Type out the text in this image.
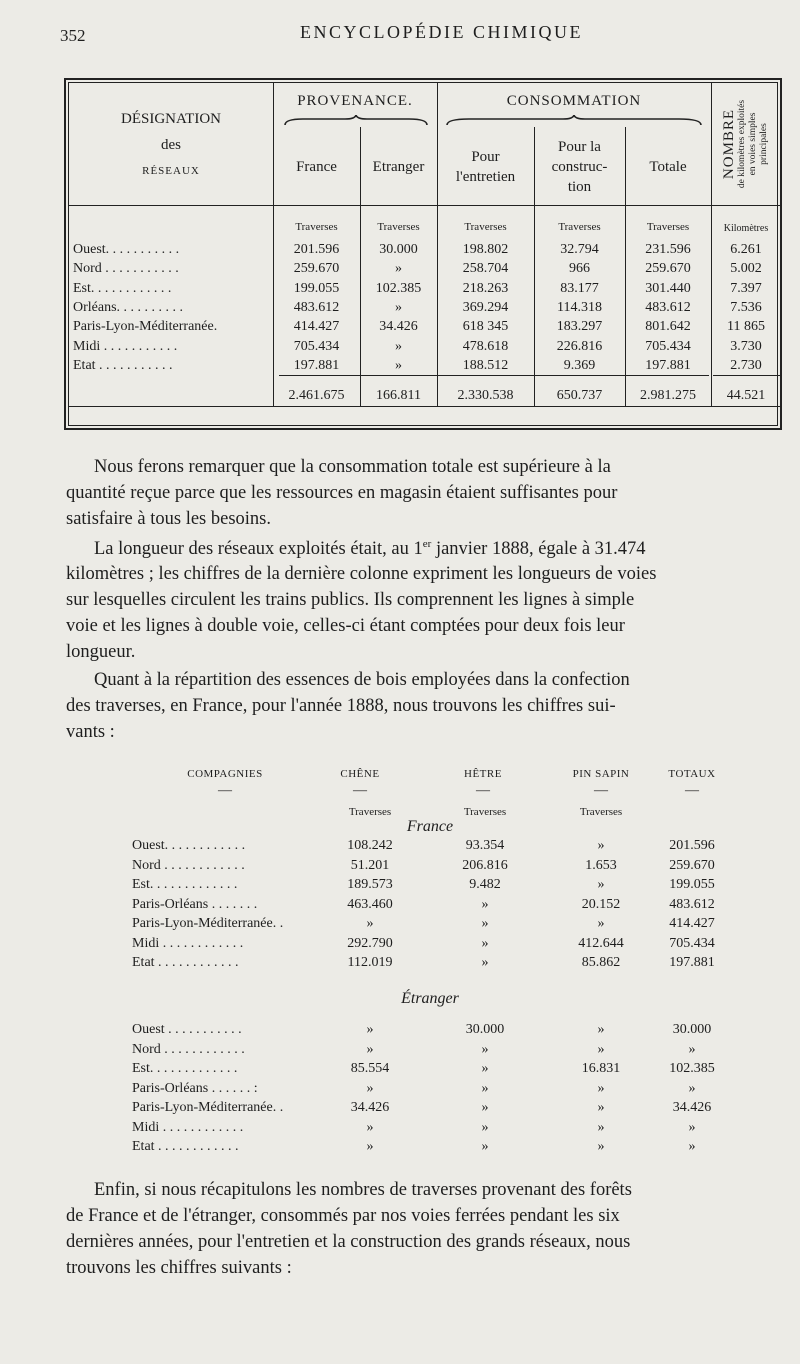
352	ENCYCLOPÉDIE CHIMIQUE
DÉSIGNATION
des
RÉSEAUX
PROVENANCE.	CONSOMMATION
France	Etranger
Pour
l'entretien
Pour la
construc-
tion
Totale	NOMBRE de kilomètres exploités en voies simples principales
Traverses	Traverses	Traverses	Traverses	Traverses	Kilomètres
Ouest. . . . . . . . . . .	201.596	30.000	198.802	32.794	231.596	6.261
Nord . . . . . . . . . . .	259.670	»	258.704	966	259.670	5.002
Est. . . . . . . . . . . .	199.055	102.385	218.263	83.177	301.440	7.397
Orléans. . . . . . . . . .	483.612	»	369.294	114.318	483.612	7.536
Paris-Lyon-Méditerranée.	414.427	34.426	618 345	183.297	801.642	11 865
Midi . . . . . . . . . . .	705.434	»	478.618	226.816	705.434	3.730
Etat . . . . . . . . . . .	197.881	»	188.512	9.369	197.881	2.730
2.461.675	166.811	2.330.538	650.737	2.981.275	44.521
Nous ferons remarquer que la consommation totale est supérieure à la
quantité reçue parce que les ressources en magasin étaient suffisantes pour
satisfaire à tous les besoins.
La longueur des réseaux exploités était, au 1er janvier 1888, égale à 31.474
kilomètres ; les chiffres de la dernière colonne expriment les longueurs de voies
sur lesquelles circulent les trains publics. Ils comprennent les lignes à simple
voie et les lignes à double voie, celles-ci étant comptées pour deux fois leur
longueur.
Quant à la répartition des essences de bois employées dans la confection
des traverses, en France, pour l'année 1888, nous trouvons les chiffres sui-
vants :
COMPAGNIES	CHÊNE	HÊTRE	PIN SAPIN	TOTAUX
—	—	—	—	—
Traverses	Traverses	Traverses
France
Ouest. . . . . . . . . . . .	108.242	93.354	»	201.596
Nord . . . . . . . . . . . .	51.201	206.816	1.653	259.670
Est. . . . . . . . . . . . .	189.573	9.482	»	199.055
Paris-Orléans . . . . . . .	463.460	»	20.152	483.612
Paris-Lyon-Méditerranée. .	»	»	»	414.427
Midi . . . . . . . . . . . .	292.790	»	412.644	705.434
Etat . . . . . . . . . . . .	112.019	»	85.862	197.881
Étranger
Ouest . . . . . . . . . . .	»	30.000	»	30.000
Nord . . . . . . . . . . . .	»	»	»	»
Est. . . . . . . . . . . . .	85.554	»	16.831	102.385
Paris-Orléans . . . . . . :	»	»	»	»
Paris-Lyon-Méditerranée. .	34.426	»	»	34.426
Midi . . . . . . . . . . . .	»	»	»	»
Etat . . . . . . . . . . . .	»	»	»	»
Enfin, si nous récapitulons les nombres de traverses provenant des forêts
de France et de l'étranger, consommés par nos voies ferrées pendant les six
dernières années, pour l'entretien et la construction des grands réseaux, nous
trouvons les chiffres suivants :
